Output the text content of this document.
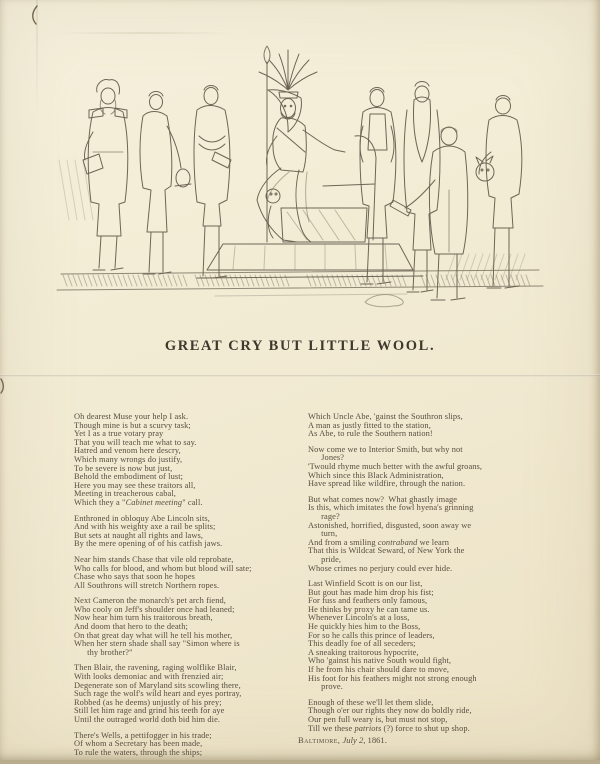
GREAT CRY BUT LITTLE WOOL.
Oh dearest Muse your help I ask.
Though mine is but a scurvy task;
Yet I as a true votary pray
That you will teach me what to say.
Hatred and venom here descry,
Which many wrongs do justify,
To be severe is now but just,
Behold the embodiment of lust;
Here you may see these traitors all,
Meeting in treacherous cabal,
Which they a "Cabinet meeting" call.
Enthroned in obloquy Abe Lincoln sits,
And with his weighty axe a rail be splits;
But sets at naught all rights and laws,
By the mere opening of of his catfish jaws.
Near him stands Chase that vile old reprobate,
Who calls for blood, and whom but blood will sate;
Chase who says that soon he hopes
All Southrons will stretch Northern ropes.
Next Cameron the monarch's pet arch fiend,
Who cooly on Jeff's shoulder once had leaned;
Now hear him turn his traitorous breath,
And doom that hero to the death;
On that great day what will he tell his mother,
When her stern shade shall say "Simon where is
thy brother?"
Then Blair, the ravening, raging wolflike Blair,
With looks demoniac and with frenzied air;
Degenerate son of Maryland sits scowling there,
Such rage the wolf's wild heart and eyes portray,
Robbed (as he deems) unjustly of his prey;
Still let him rage and grind his teeth for aye
Until the outraged world doth bid him die.
There's Wells, a pettifogger in his trade;
Of whom a Secretary has been made,
To rule the waters, through the ships;
Which Uncle Abe, 'gainst the Southron slips,
A man as justly fitted to the station,
As Abe, to rule the Southern nation!
Now come we to Interior Smith, but why not
Jones?
'Twould rhyme much better with the awful groans,
Which since this Black Administration,
Have spread like wildfire, through the nation.
But what comes now?  What ghastly image
Is this, which imitates the fowl hyena's grinning
rage?
Astonished, horrified, disgusted, soon away we
turn,
And from a smiling contraband we learn
That this is Wildcat Seward, of New York the
pride,
Whose crimes no perjury could ever hide.
Last Winfield Scott is on our list,
But gout has made him drop his fist;
For fuss and feathers only famous,
He thinks by proxy he can tame us.
Whenever Lincoln's at a loss,
He quickly hies him to the Boss,
For so he calls this prince of leaders,
This deadly foe of all seceders;
A sneaking traitorous hypocrite,
Who 'gainst his native South would fight,
If he from his chair should dare to move,
His foot for his feathers might not strong enough
prove.
Enough of these we'll let them slide,
Though o'er our rights they now do boldly ride,
Our pen full weary is, but must not stop,
Till we these patriots (?) force to shut up shop.
Baltimore, July 2, 1861.
